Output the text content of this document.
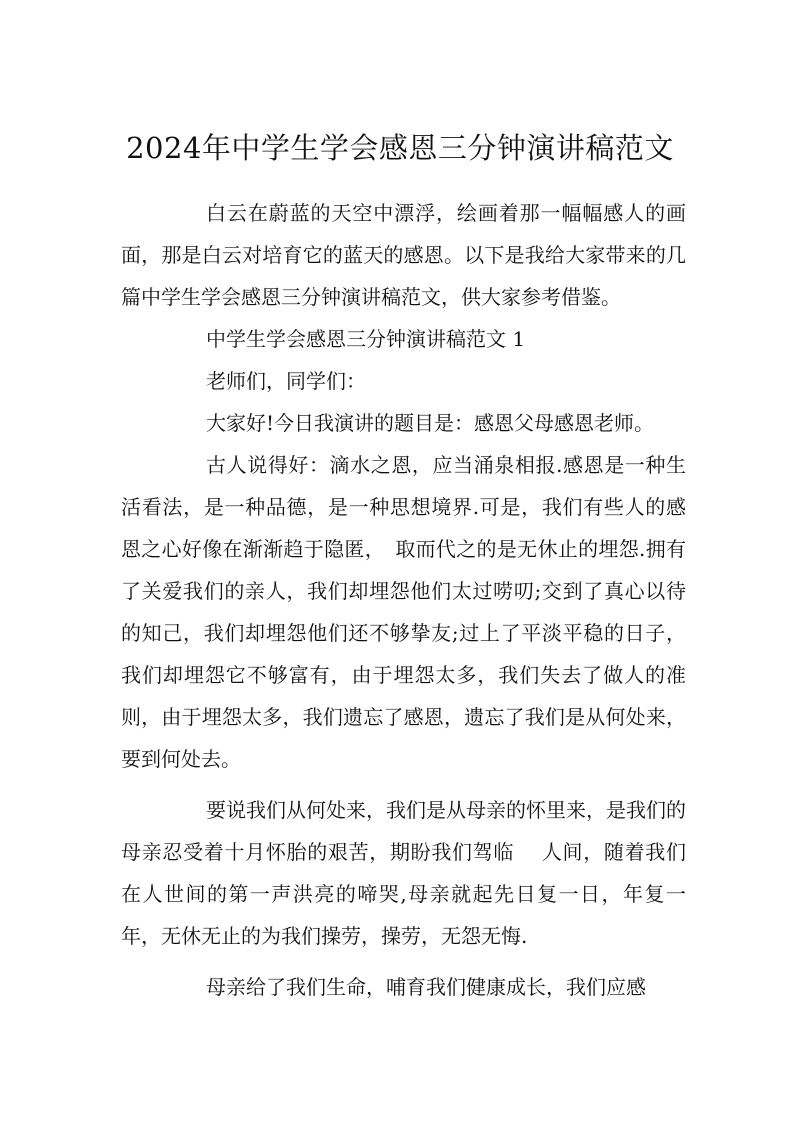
2024年中学生学会感恩三分钟演讲稿范文

白云在蔚蓝的天空中漂浮，绘画着那一幅幅感人的画面，那是白云对培育它的蓝天的感恩。以下是我给大家带来的几篇中学生学会感恩三分钟演讲稿范文，供大家参考借鉴。

中学生学会感恩三分钟演讲稿范文 1

老师们，同学们：

大家好!今日我演讲的题目是：感恩父母感恩老师。

古人说得好：滴水之恩，应当涌泉相报.感恩是一种生活看法，是一种品德，是一种思想境界.可是，我们有些人的感恩之心好像在渐渐趋于隐匿，　取而代之的是无休止的埋怨.拥有了关爱我们的亲人，我们却埋怨他们太过唠叨;交到了真心以待的知己，我们却埋怨他们还不够挚友;过上了平淡平稳的日子，我们却埋怨它不够富有，由于埋怨太多，我们失去了做人的准则，由于埋怨太多，我们遗忘了感恩，遗忘了我们是从何处来，要到何处去。

要说我们从何处来，我们是从母亲的怀里来，是我们的母亲忍受着十月怀胎的艰苦，期盼我们驾临　 人间，随着我们在人世间的第一声洪亮的啼哭,母亲就起先日复一日，年复一年，无休无止的为我们操劳，操劳，无怨无悔.

母亲给了我们生命，哺育我们健康成长，我们应感
